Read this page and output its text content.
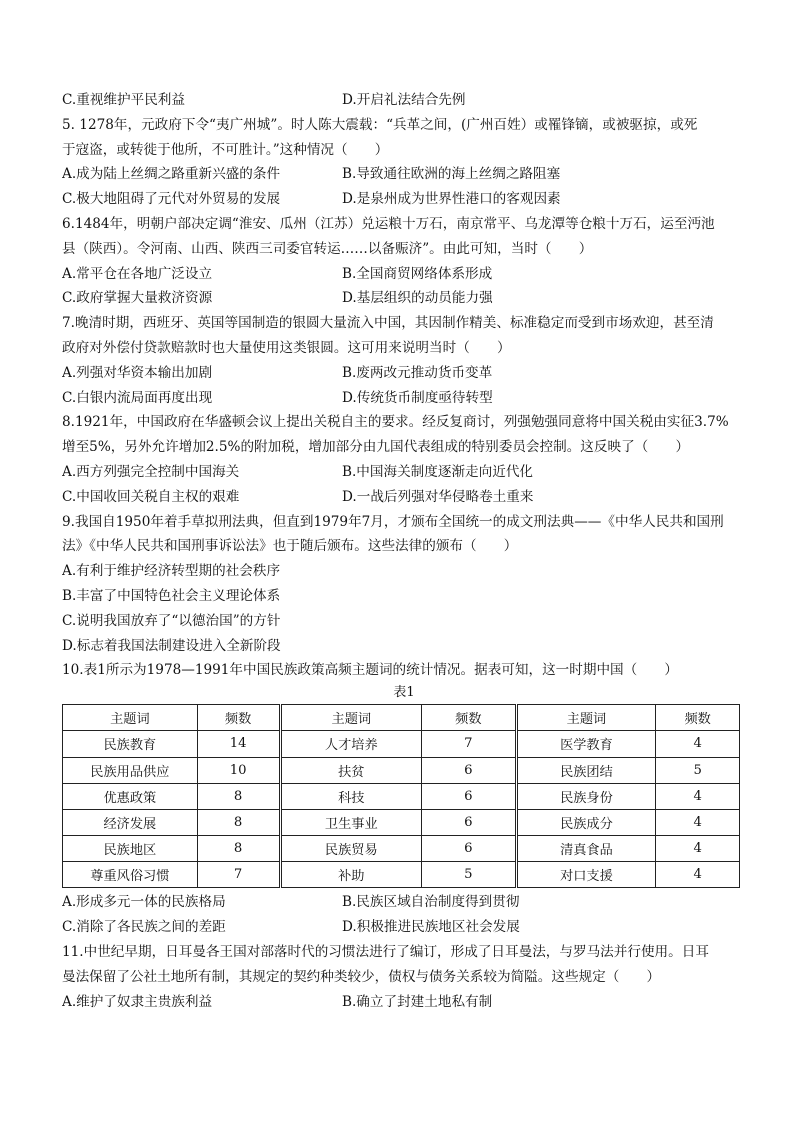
C.重视维护平民利益	D.开启礼法结合先例
5. 1278年，元政府下令“夷广州城”。时人陈大震载：“兵革之间，(广州百姓）或罹锋镝，或被驱掠，或死
于寇盗，或转徙于他所，不可胜计。”这种情况（　　）
A.成为陆上丝绸之路重新兴盛的条件	B.导致通往欧洲的海上丝绸之路阻塞
C.极大地阻碍了元代对外贸易的发展	D.是泉州成为世界性港口的客观因素
6.1484年，明朝户部决定调“淮安、瓜州（江苏）兑运粮十万石，南京常平、乌龙潭等仓粮十万石，运至沔池
县（陕西）。令河南、山西、陕西三司委官转运……以备赈济”。由此可知，当时（　　）
A.常平仓在各地广泛设立	B.全国商贸网络体系形成
C.政府掌握大量救济资源	D.基层组织的动员能力强
7.晚清时期，西班牙、英国等国制造的银圆大量流入中国，其因制作精美、标准稳定而受到市场欢迎，甚至清
政府对外偿付贷款赔款时也大量使用这类银圆。这可用来说明当时（　　）
A.列强对华资本输出加剧	B.废两改元推动货币变革
C.白银内流局面再度出现	D.传统货币制度亟待转型
8.1921年，中国政府在华盛顿会议上提出关税自主的要求。经反复商讨，列强勉强同意将中国关税由实征3.7%
增至5%，另外允许增加2.5%的附加税，增加部分由九国代表组成的特别委员会控制。这反映了（　　）
A.西方列强完全控制中国海关	B.中国海关制度逐渐走向近代化
C.中国收回关税自主权的艰难	D.一战后列强对华侵略卷土重来
9.我国自1950年着手草拟刑法典，但直到1979年7月，才颁布全国统一的成文刑法典——《中华人民共和国刑
法》《中华人民共和国刑事诉讼法》也于随后颁布。这些法律的颁布（　　）
A.有利于维护经济转型期的社会秩序
B.丰富了中国特色社会主义理论体系
C.说明我国放弃了“以德治国”的方针
D.标志着我国法制建设进入全新阶段
10.表1所示为1978—1991年中国民族政策高频主题词的统计情况。据表可知，这一时期中国（　　）
表1
主题词	频数	主题词	频数	主题词	频数
民族教育	14	人才培养	7	医学教育	4
民族用品供应	10	扶贫	6	民族团结	5
优惠政策	8	科技	6	民族身份	4
经济发展	8	卫生事业	6	民族成分	4
民族地区	8	民族贸易	6	清真食品	4
尊重风俗习惯	7	补助	5	对口支援	4
A.形成多元一体的民族格局	B.民族区域自治制度得到贯彻
C.消除了各民族之间的差距	D.积极推进民族地区社会发展
11.中世纪早期，日耳曼各王国对部落时代的习惯法进行了编订，形成了日耳曼法，与罗马法并行使用。日耳
曼法保留了公社土地所有制，其规定的契约种类较少，债权与债务关系较为简隘。这些规定（　　）
A.维护了奴隶主贵族利益	B.确立了封建土地私有制
